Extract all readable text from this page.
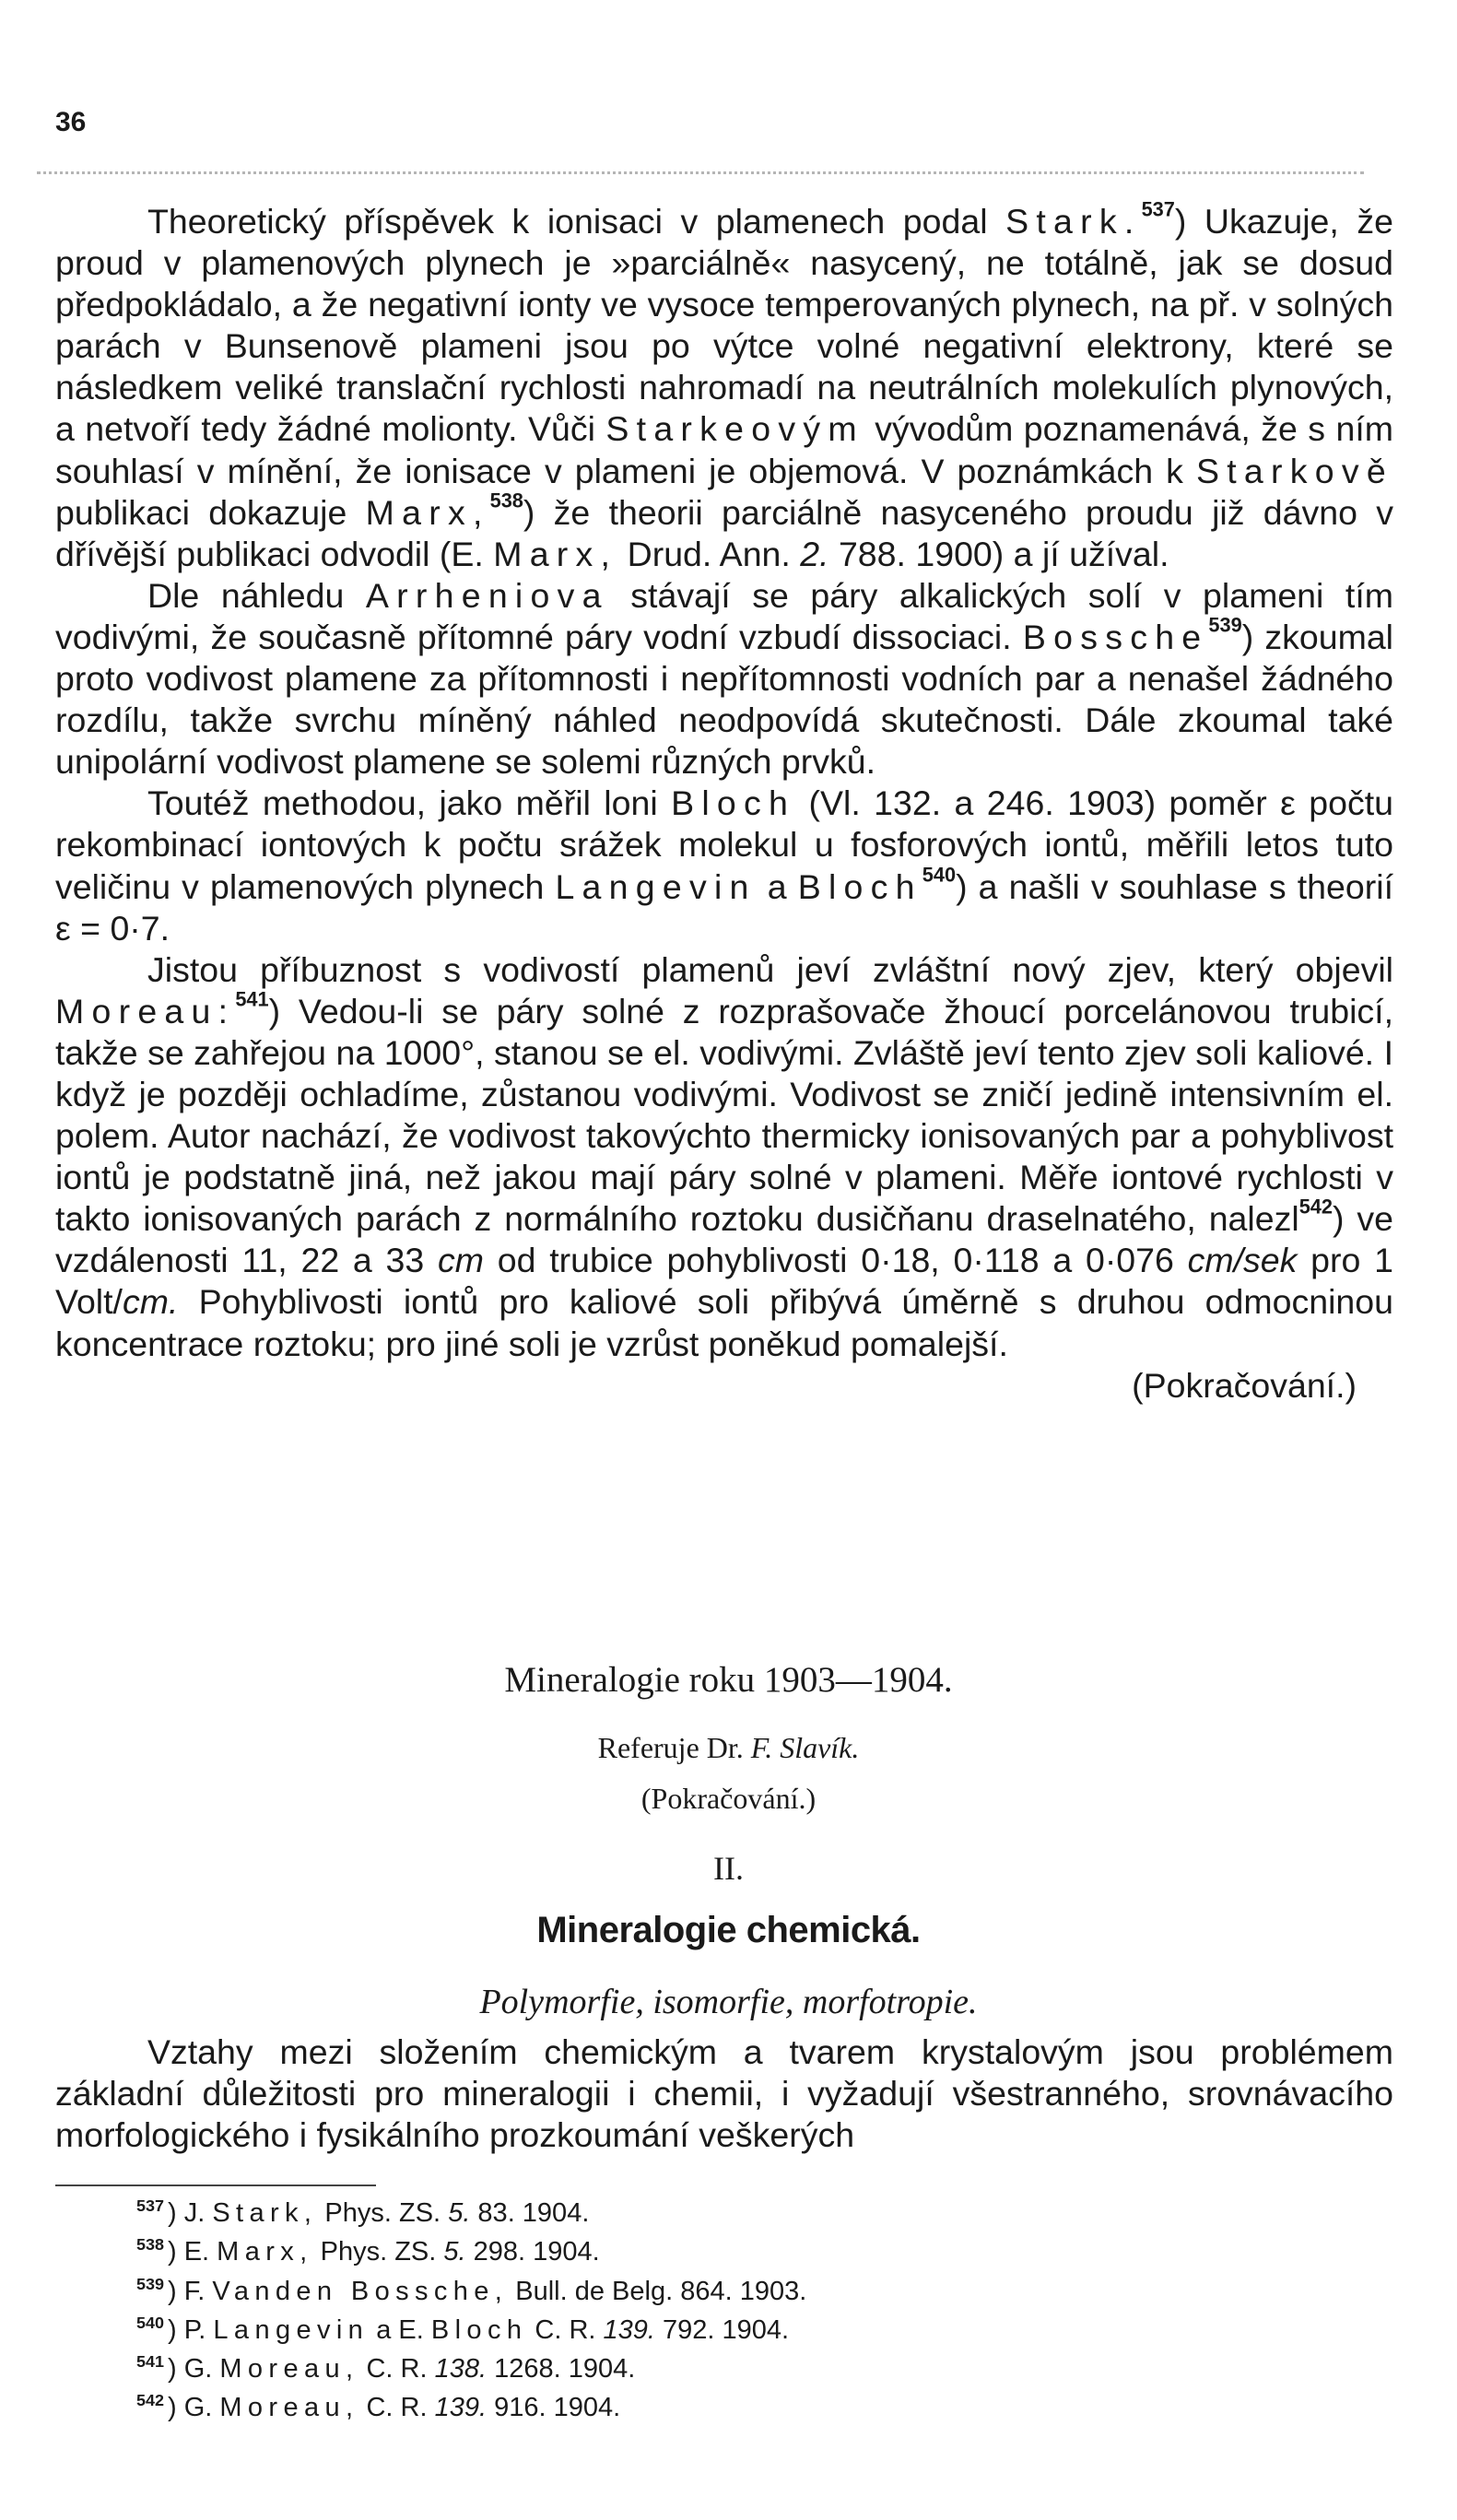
36

Theoretický příspěvek k ionisaci v plamenech podal Stark.$^{537}$) Ukazuje, že proud v plamenových plynech je »parciálně« nasycený, ne totálně, jak se dosud předpokládalo, a že negativní ionty ve vysoce temperovaných plynech, na př. v solných parách v Bunsenově plameni jsou po výtce volné negativní elektrony, které se následkem veliké translační rychlosti nahromadí na neutrálních molekulích plynových, a netvoří tedy žádné molionty. Vůči Starkeovým vývodům poznamenává, že s ním souhlasí v mínění, že ionisace v plameni je objemová. V poznámkách k Starkově publikaci dokazuje Marx,$^{538}$) že theorii parciálně nasyceného proudu již dávno v dřívější publikaci odvodil (E. Marx, Drud. Ann. 2. 788. 1900) a jí užíval.

Dle náhledu Arrheniova stávají se páry alkalických solí v plameni tím vodivými, že současně přítomné páry vodní vzbudí dissociaci. Bossche$^{539}$) zkoumal proto vodivost plamene za přítomnosti i nepřítomnosti vodních par a nenašel žádného rozdílu, takže svrchu míněný náhled neodpovídá skutečnosti. Dále zkoumal také unipolární vodivost plamene se solemi různých prvků.

Toutéž methodou, jako měřil loni Bloch (Vl. 132. a 246. 1903) poměr ε počtu rekombinací iontových k počtu srážek molekul u fosforových iontů, měřili letos tuto veličinu v plamenových plynech Langevin a Bloch$^{540}$) a našli v souhlase s theorií ε = 0·7.

Jistou příbuznost s vodivostí plamenů jeví zvláštní nový zjev, který objevil Moreau:$^{541}$) Vedou-li se páry solné z rozprašovače žhoucí porcelánovou trubicí, takže se zahřejou na 1000°, stanou se el. vodivými. Zvláště jeví tento zjev soli kaliové. I když je později ochladíme, zůstanou vodivými. Vodivost se zničí jedině intensivním el. polem. Autor nachází, že vodivost takovýchto thermicky ionisovaných par a pohyblivost iontů je podstatně jiná, než jakou mají páry solné v plameni. Měře iontové rychlosti v takto ionisovaných parách z normálního roztoku dusičňanu draselnatého, nalezl$^{542}$) ve vzdálenosti 11, 22 a 33 cm od trubice pohyblivosti 0·18, 0·118 a 0·076 cm/sek pro 1 Volt/cm. Pohyblivosti iontů pro kaliové soli přibývá úměrně s druhou odmocninou koncentrace roztoku; pro jiné soli je vzrůst poněkud pomalejší.

(Pokračování.)

Mineralogie roku 1903—1904.
Referuje Dr. F. Slavík.
(Pokračování.)
II.
Mineralogie chemická.
Polymorfie, isomorfie, morfotropie.

Vztahy mezi složením chemickým a tvarem krystalovým jsou problémem základní důležitosti pro mineralogii i chemii, i vyžadují všestranného, srovnávacího morfologického i fysikálního prozkoumání veškerých

$^{537}$ ) J. Stark, Phys. ZS. 5. 83. 1904.
$^{538}$ ) E. Marx, Phys. ZS. 5. 298. 1904.
$^{539}$ ) F. Vanden Bossche, Bull. de Belg. 864. 1903.
$^{540}$ ) P. Langevin a E. Bloch C. R. 139. 792. 1904.
$^{541}$ ) G. Moreau, C. R. 138. 1268. 1904.
$^{542}$ ) G. Moreau, C. R. 139. 916. 1904.
